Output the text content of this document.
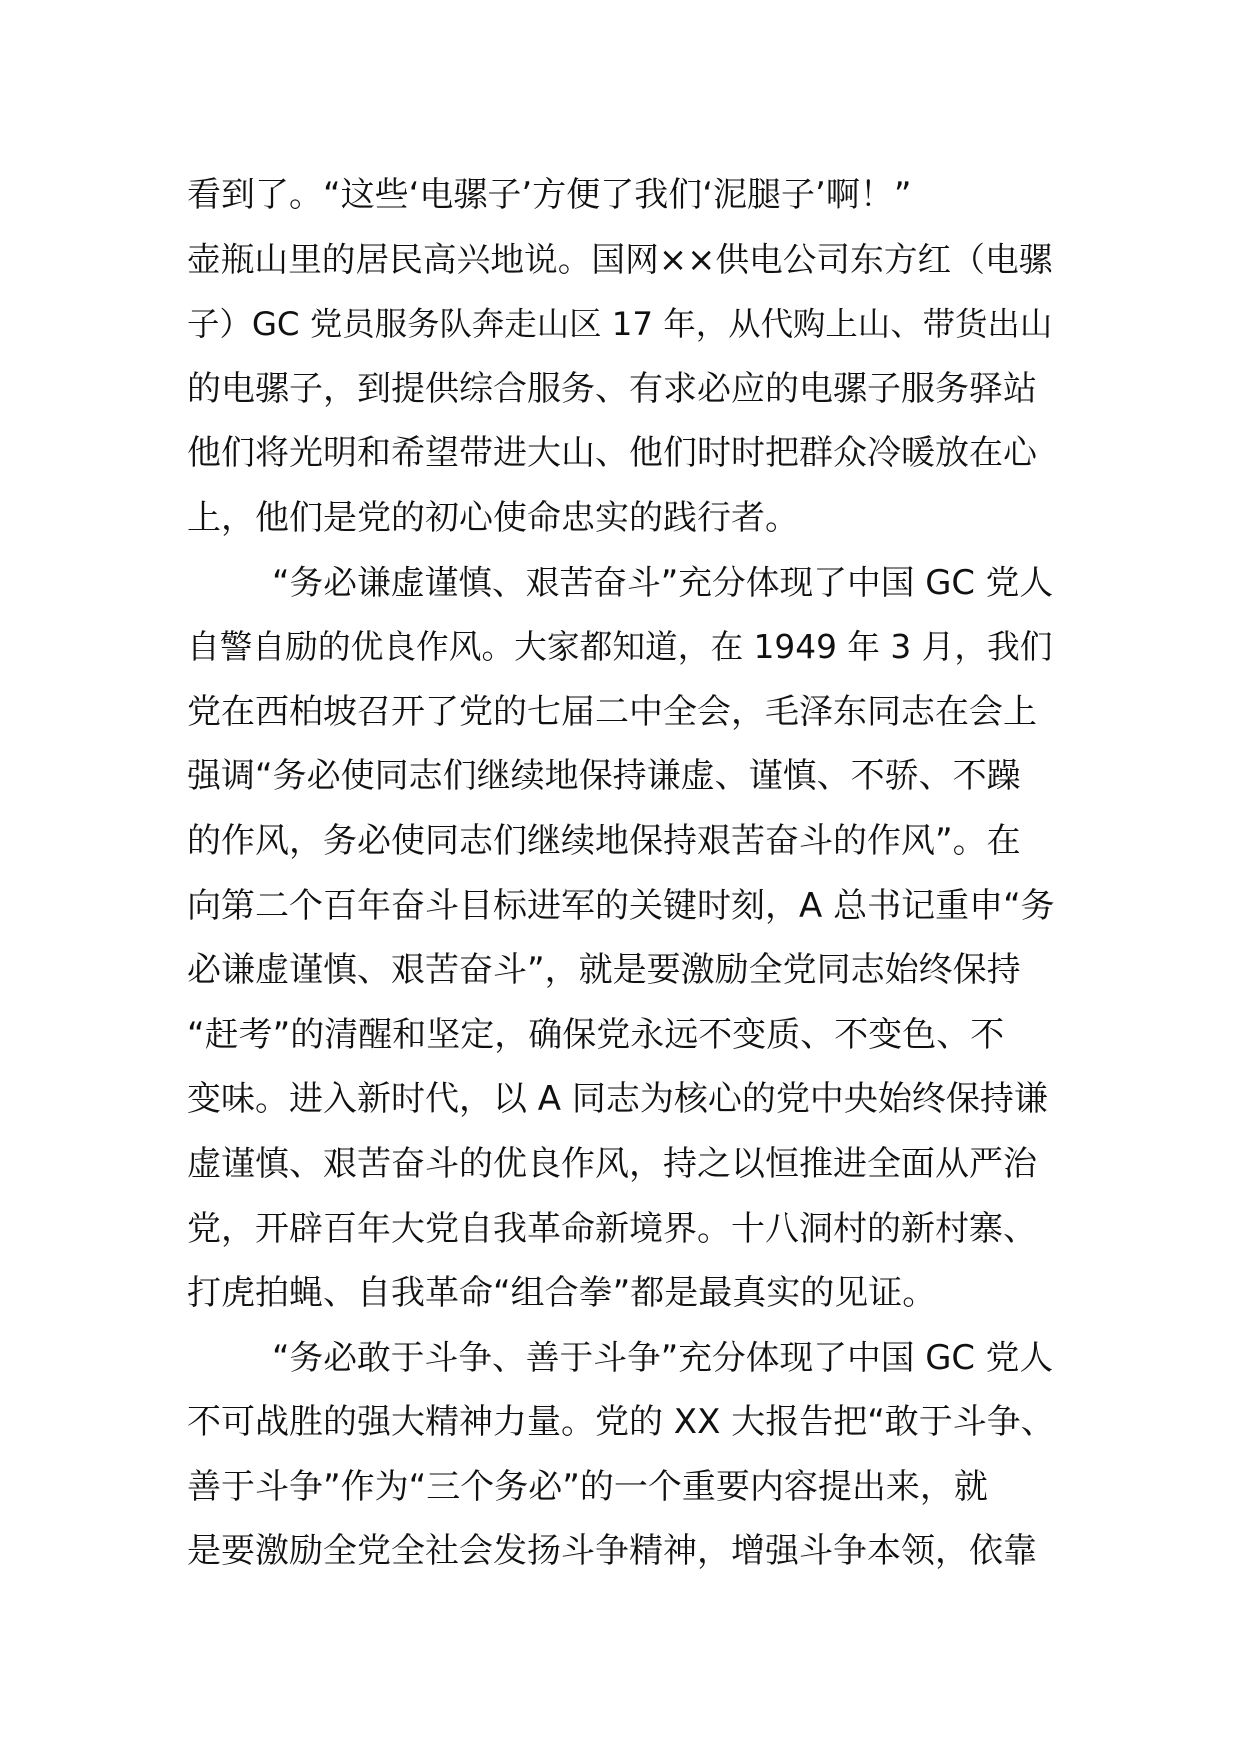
看到了。“这些‘电骡子’方便了我们‘泥腿子’啊！”
壶瓶山里的居民高兴地说。国网××供电公司东方红（电骡
子）GC 党员服务队奔走山区 17 年，从代购上山、带货出山
的电骡子，到提供综合服务、有求必应的电骡子服务驿站
他们将光明和希望带进大山、他们时时把群众冷暖放在心
上，他们是党的初心使命忠实的践行者。
“务必谦虚谨慎、艰苦奋斗”充分体现了中国 GC 党人
自警自励的优良作风。大家都知道，在 1949 年 3 月，我们
党在西柏坡召开了党的七届二中全会，毛泽东同志在会上
强调“务必使同志们继续地保持谦虚、谨慎、不骄、不躁
的作风，务必使同志们继续地保持艰苦奋斗的作风”。在
向第二个百年奋斗目标进军的关键时刻，A 总书记重申“务
必谦虚谨慎、艰苦奋斗”，就是要激励全党同志始终保持
“赶考”的清醒和坚定，确保党永远不变质、不变色、不
变味。进入新时代，以 A 同志为核心的党中央始终保持谦
虚谨慎、艰苦奋斗的优良作风，持之以恒推进全面从严治
党，开辟百年大党自我革命新境界。十八洞村的新村寨、
打虎拍蝇、自我革命“组合拳”都是最真实的见证。
“务必敢于斗争、善于斗争”充分体现了中国 GC 党人
不可战胜的强大精神力量。党的 XX 大报告把“敢于斗争、
善于斗争”作为“三个务必”的一个重要内容提出来，就
是要激励全党全社会发扬斗争精神，增强斗争本领，依靠
